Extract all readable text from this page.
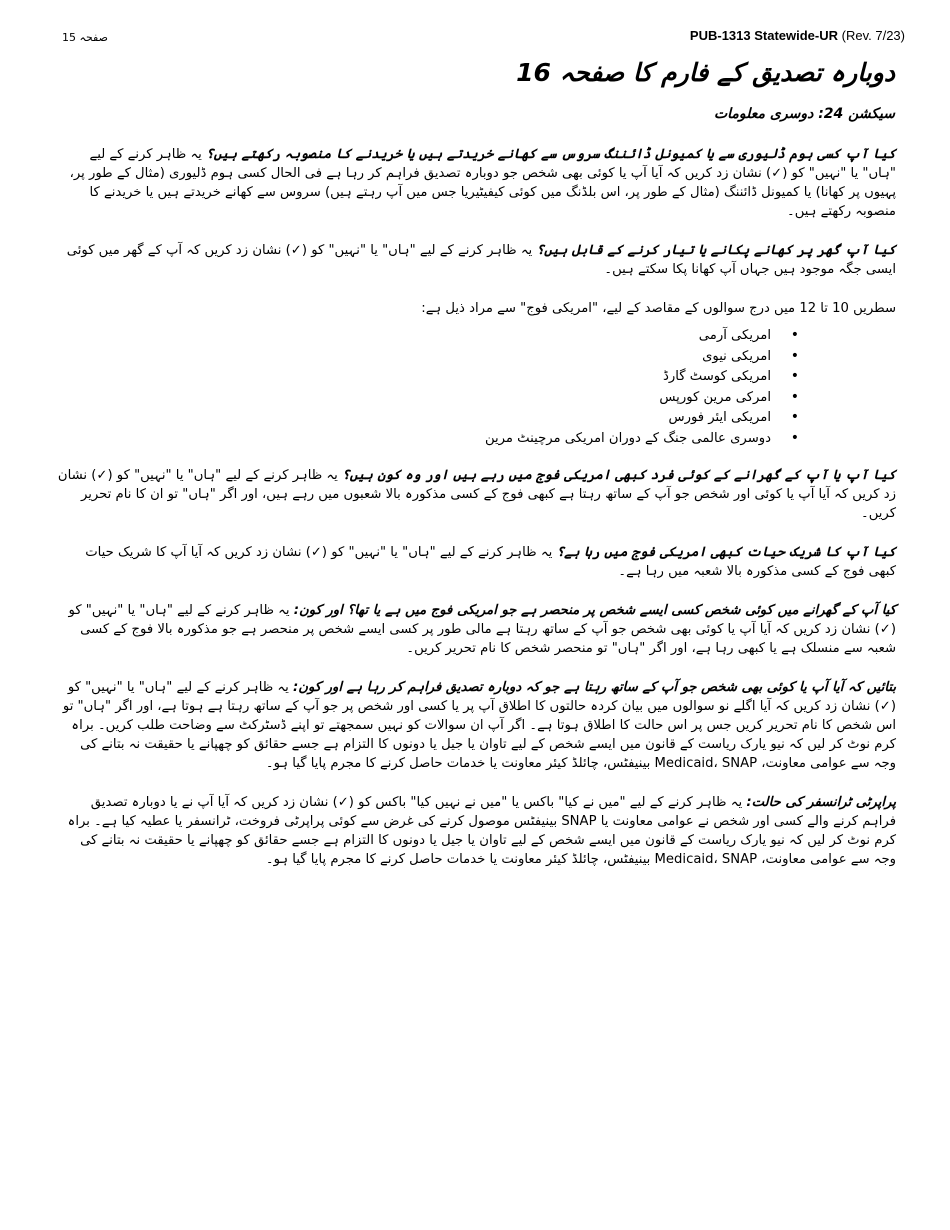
صفحہ 15	PUB-1313 Statewide-UR (Rev. 7/23)
دوبارہ تصدیق کے فارم کا صفحہ 16
سیکشن 24: دوسری معلومات

کیا آپ کسی ہوم ڈلیوری سے یا کمیونل ڈائننگ سروس سے کھانے خریدتے ہیں یا خریدنے کا منصوبہ رکھتے ہیں؟ یہ ظاہر کرنے کے لیے "ہاں" یا "نہیں" کو (✓) نشان زد کریں کہ آیا آپ یا کوئی بھی شخص جو دوبارہ تصدیق فراہم کر رہا ہے فی الحال کسی ہوم ڈلیوری (مثال کے طور پر، پہیوں پر کھانا) یا کمیونل ڈائننگ (مثال کے طور پر، اس بلڈنگ میں کوئی کیفیٹیریا جس میں آپ رہتے ہیں) سروس سے کھانے خریدتے ہیں یا خریدنے کا منصوبہ رکھتے ہیں۔

کیا آپ گھر پر کھانے پکانے یا تیار کرنے کے قابل ہیں؟ یہ ظاہر کرنے کے لیے "ہاں" یا "نہیں" کو (✓) نشان زد کریں کہ آپ کے گھر میں کوئی ایسی جگہ موجود ہیں جہاں آپ کھانا پکا سکتے ہیں۔

سطریں 10 تا 12 میں درج سوالوں کے مقاصد کے لیے، "امریکی فوج" سے مراد ذیل ہے:

• امریکی آرمی
• امریکی نیوی
• امریکی کوسٹ گارڈ
• امرکی مرین کورپس
• امریکی ایئر فورس
• دوسری عالمی جنگ کے دوران امریکی مرچینٹ مرین

کیا آپ یا آپ کے گھرانے کے کوئی فرد کبھی امریکی فوج میں رہے ہیں اور وہ کون ہیں؟ یہ ظاہر کرنے کے لیے "ہاں" یا "نہیں" کو (✓) نشان زد کریں کہ آیا آپ یا کوئی اور شخص جو آپ کے ساتھ رہتا ہے کبھی فوج کے کسی مذکورہ بالا شعبوں میں رہے ہیں، اور اگر "ہاں" تو ان کا نام تحریر کریں۔

کیا آپ کا شریک حیات کبھی امریکی فوج میں رہا ہے؟ یہ ظاہر کرنے کے لیے "ہاں" یا "نہیں" کو (✓) نشان زد کریں کہ آیا آپ کا شریک حیات کبھی فوج کے کسی مذکورہ بالا شعبہ میں رہا ہے۔

کیا آپ کے گھرانے میں کوئی شخص کسی ایسے شخص پر منحصر ہے جو امریکی فوج میں ہے یا تھا؟ اور کون: یہ ظاہر کرنے کے لیے "ہاں" یا "نہیں" کو (✓) نشان زد کریں کہ آیا آپ یا کوئی بھی شخص جو آپ کے ساتھ رہتا ہے مالی طور پر کسی ایسے شخص پر منحصر ہے جو مذکورہ بالا فوج کے کسی شعبہ سے منسلک ہے یا کبھی رہا ہے، اور اگر "ہاں" تو منحصر شخص کا نام تحریر کریں۔

بتائیں کہ آیا آپ یا کوئی بھی شخص جو آپ کے ساتھ رہتا ہے جو کہ دوبارہ تصدیق فراہم کر رہا ہے اور کون: یہ ظاہر کرنے کے لیے "ہاں" یا "نہیں" کو (✓) نشان زد کریں کہ آیا اگلے نو سوالوں میں بیان کردہ حالتوں کا اطلاق آپ پر یا کسی اور شخص پر جو آپ کے ساتھ رہتا ہے ہوتا ہے، اور اگر "ہاں" تو اس شخص کا نام تحریر کریں جس پر اس حالت کا اطلاق ہوتا ہے۔ اگر آپ ان سوالات کو نہیں سمجھتے تو اپنے ڈسٹرکٹ سے وضاحت طلب کریں۔ براہ کرم نوٹ کر لیں کہ نیو یارک ریاست کے قانون میں ایسے شخص کے لیے تاوان یا جیل یا دونوں کا التزام ہے جسے حقائق کو چھپانے یا حقیقت نہ بتانے کی وجہ سے عوامی معاونت، Medicaid، SNAP بینیفٹس، چائلڈ کیئر معاونت یا خدمات حاصل کرنے کا مجرم پایا گیا ہو۔

پراپرٹی ٹرانسفر کی حالت: یہ ظاہر کرنے کے لیے "میں نے کیا" باکس یا "میں نے نہیں کیا" باکس کو (✓) نشان زد کریں کہ آیا آپ نے یا دوبارہ تصدیق فراہم کرنے والے کسی اور شخص نے عوامی معاونت یا SNAP بینیفٹس موصول کرنے کی غرض سے کوئی پراپرٹی فروخت، ٹرانسفر یا عطیہ کیا ہے۔ براہ کرم نوٹ کر لیں کہ نیو یارک ریاست کے قانون میں ایسے شخص کے لیے تاوان یا جیل یا دونوں کا التزام ہے جسے حقائق کو چھپانے یا حقیقت نہ بتانے کی وجہ سے عوامی معاونت، Medicaid، SNAP بینیفٹس، چائلڈ کیئر معاونت یا خدمات حاصل کرنے کا مجرم پایا گیا ہو۔
